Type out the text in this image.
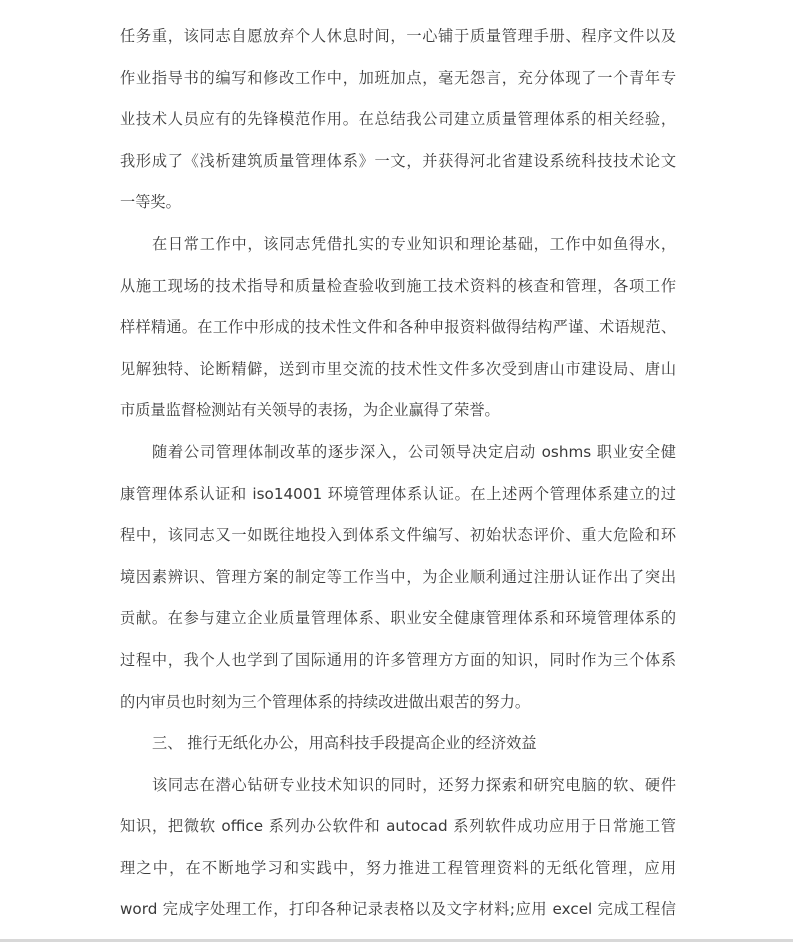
任务重，该同志自愿放弃个人休息时间，一心铺于质量管理手册、程序文件以及
作业指导书的编写和修改工作中，加班加点，毫无怨言，充分体现了一个青年专
业技术人员应有的先锋模范作用。在总结我公司建立质量管理体系的相关经验，
我形成了《浅析建筑质量管理体系》一文，并获得河北省建设系统科技技术论文
一等奖。
在日常工作中，该同志凭借扎实的专业知识和理论基础，工作中如鱼得水，
从施工现场的技术指导和质量检查验收到施工技术资料的核查和管理，各项工作
样样精通。在工作中形成的技术性文件和各种申报资料做得结构严谨、术语规范、
见解独特、论断精僻，送到市里交流的技术性文件多次受到唐山市建设局、唐山
市质量监督检测站有关领导的表扬，为企业赢得了荣誉。
随着公司管理体制改革的逐步深入，公司领导决定启动 oshms 职业安全健
康管理体系认证和 iso14001 环境管理体系认证。在上述两个管理体系建立的过
程中，该同志又一如既往地投入到体系文件编写、初始状态评价、重大危险和环
境因素辨识、管理方案的制定等工作当中，为企业顺利通过注册认证作出了突出
贡献。在参与建立企业质量管理体系、职业安全健康管理体系和环境管理体系的
过程中，我个人也学到了国际通用的许多管理方方面的知识，同时作为三个体系
的内审员也时刻为三个管理体系的持续改进做出艰苦的努力。
三、 推行无纸化办公，用高科技手段提高企业的经济效益
该同志在潜心钻研专业技术知识的同时，还努力探索和研究电脑的软、硬件
知识，把微软 office 系列办公软件和 autocad 系列软件成功应用于日常施工管
理之中，在不断地学习和实践中，努力推进工程管理资料的无纸化管理，应用
word 完成字处理工作，打印各种记录表格以及文字材料;应用 excel 完成工程信
